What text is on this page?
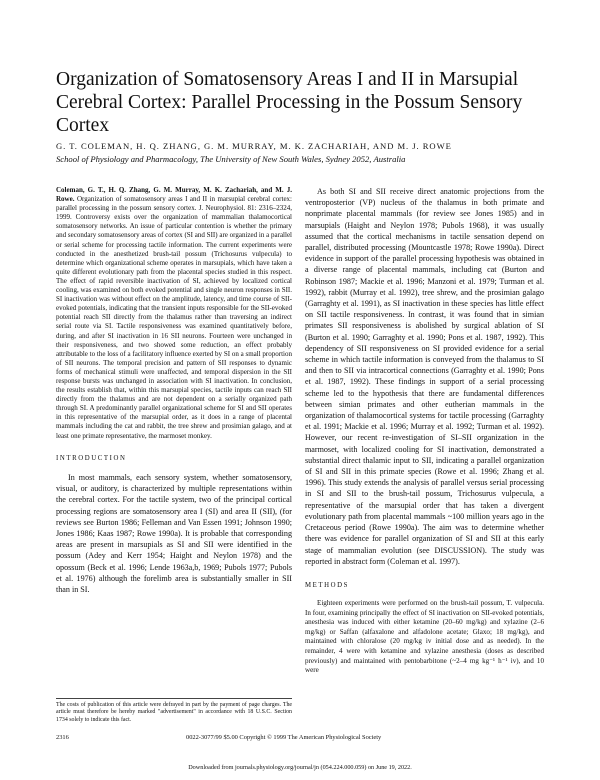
Organization of Somatosensory Areas I and II in Marsupial Cerebral Cortex: Parallel Processing in the Possum Sensory Cortex
G. T. COLEMAN, H. Q. ZHANG, G. M. MURRAY, M. K. ZACHARIAH, AND M. J. ROWE
School of Physiology and Pharmacology, The University of New South Wales, Sydney 2052, Australia

Coleman, G. T., H. Q. Zhang, G. M. Murray, M. K. Zachariah, and M. J. Rowe. Organization of somatosensory areas I and II in marsupial cerebral cortex: parallel processing in the possum sensory cortex. J. Neurophysiol. 81: 2316–2324, 1999. Controversy exists over the organization of mammalian thalamocortical somatosensory networks. An issue of particular contention is whether the primary and secondary somatosensory areas of cortex (SI and SII) are organized in a parallel or serial scheme for processing tactile information. The current experiments were conducted in the anesthetized brush-tail possum (Trichosurus vulpecula) to determine which organizational scheme operates in marsupials, which have taken a quite different evolutionary path from the placental species studied in this respect. The effect of rapid reversible inactivation of SI, achieved by localized cortical cooling, was examined on both evoked potential and single neuron responses in SII. SI inactivation was without effect on the amplitude, latency, and time course of SII-evoked potentials, indicating that the transient inputs responsible for the SII-evoked potential reach SII directly from the thalamus rather than traversing an indirect serial route via SI. Tactile responsiveness was examined quantitatively before, during, and after SI inactivation in 16 SII neurons. Fourteen were unchanged in their responsiveness, and two showed some reduction, an effect probably attributable to the loss of a facilitatory influence exerted by SI on a small proportion of SII neurons. The temporal precision and pattern of SII responses to dynamic forms of mechanical stimuli were unaffected, and temporal dispersion in the SII response bursts was unchanged in association with SI inactivation. In conclusion, the results establish that, within this marsupial species, tactile inputs can reach SII directly from the thalamus and are not dependent on a serially organized path through SI. A predominantly parallel organizational scheme for SI and SII operates in this representative of the marsupial order, as it does in a range of placental mammals including the cat and rabbit, the tree shrew and prosimian galago, and at least one primate representative, the marmoset monkey.

INTRODUCTION

In most mammals, each sensory system, whether somatosensory, visual, or auditory, is characterized by multiple representations within the cerebral cortex. For the tactile system, two of the principal cortical processing regions are somatosensory area I (SI) and area II (SII), (for reviews see Burton 1986; Felleman and Van Essen 1991; Johnson 1990; Jones 1986; Kaas 1987; Rowe 1990a). It is probable that corresponding areas are present in marsupials as SI and SII were identified in the possum (Adey and Kerr 1954; Haight and Neylon 1978) and the opossum (Beck et al. 1996; Lende 1963a,b, 1969; Pubols 1977; Pubols et al. 1976) although the forelimb area is substantially smaller in SII than in SI.

As both SI and SII receive direct anatomic projections from the ventroposterior (VP) nucleus of the thalamus in both primate and nonprimate placental mammals (for review see Jones 1985) and in marsupials (Haight and Neylon 1978; Pubols 1968), it was usually assumed that the cortical mechanisms in tactile sensation depend on parallel, distributed processing (Mountcastle 1978; Rowe 1990a). Direct evidence in support of the parallel processing hypothesis was obtained in a diverse range of placental mammals, including cat (Burton and Robinson 1987; Mackie et al. 1996; Manzoni et al. 1979; Turman et al. 1992), rabbit (Murray et al. 1992), tree shrew, and the prosimian galago (Garraghty et al. 1991), as SI inactivation in these species has little effect on SII tactile responsiveness. In contrast, it was found that in simian primates SII responsiveness is abolished by surgical ablation of SI (Burton et al. 1990; Garraghty et al. 1990; Pons et al. 1987, 1992). This dependency of SII responsiveness on SI provided evidence for a serial scheme in which tactile information is conveyed from the thalamus to SI and then to SII via intracortical connections (Garraghty et al. 1990; Pons et al. 1987, 1992). These findings in support of a serial processing scheme led to the hypothesis that there are fundamental differences between simian primates and other eutherian mammals in the organization of thalamocortical systems for tactile processing (Garraghty et al. 1991; Mackie et al. 1996; Murray et al. 1992; Turman et al. 1992). However, our recent re-investigation of SI–SII organization in the marmoset, with localized cooling for SI inactivation, demonstrated a substantial direct thalamic input to SII, indicating a parallel organization of SI and SII in this primate species (Rowe et al. 1996; Zhang et al. 1996). This study extends the analysis of parallel versus serial processing in SI and SII to the brush-tail possum, Trichosurus vulpecula, a representative of the marsupial order that has taken a divergent evolutionary path from placental mammals ~100 million years ago in the Cretaceous period (Rowe 1990a). The aim was to determine whether there was evidence for parallel organization of SI and SII at this early stage of mammalian evolution (see DISCUSSION). The study was reported in abstract form (Coleman et al. 1997).

METHODS

Eighteen experiments were performed on the brush-tail possum, T. vulpecula. In four, examining principally the effect of SI inactivation on SII-evoked potentials, anesthesia was induced with either ketamine (20–60 mg/kg) and xylazine (2–6 mg/kg) or Saffan (alfaxalone and alfadolone acetate; Glaxo; 18 mg/kg), and maintained with chloralose (20 mg/kg iv initial dose and as needed). In the remainder, 4 were with ketamine and xylazine anesthesia (doses as described previously) and maintained with pentobarbitone (~2–4 mg kg⁻¹ h⁻¹ iv), and 10 were

The costs of publication of this article were defrayed in part by the payment of page charges. The article must therefore be hereby marked "advertisement" in accordance with 18 U.S.C. Section 1734 solely to indicate this fact.
2316	0022-3077/99 $5.00 Copyright © 1999 The American Physiological Society
Downloaded from journals.physiology.org/journal/jn (054.224.000.059) on June 19, 2022.
